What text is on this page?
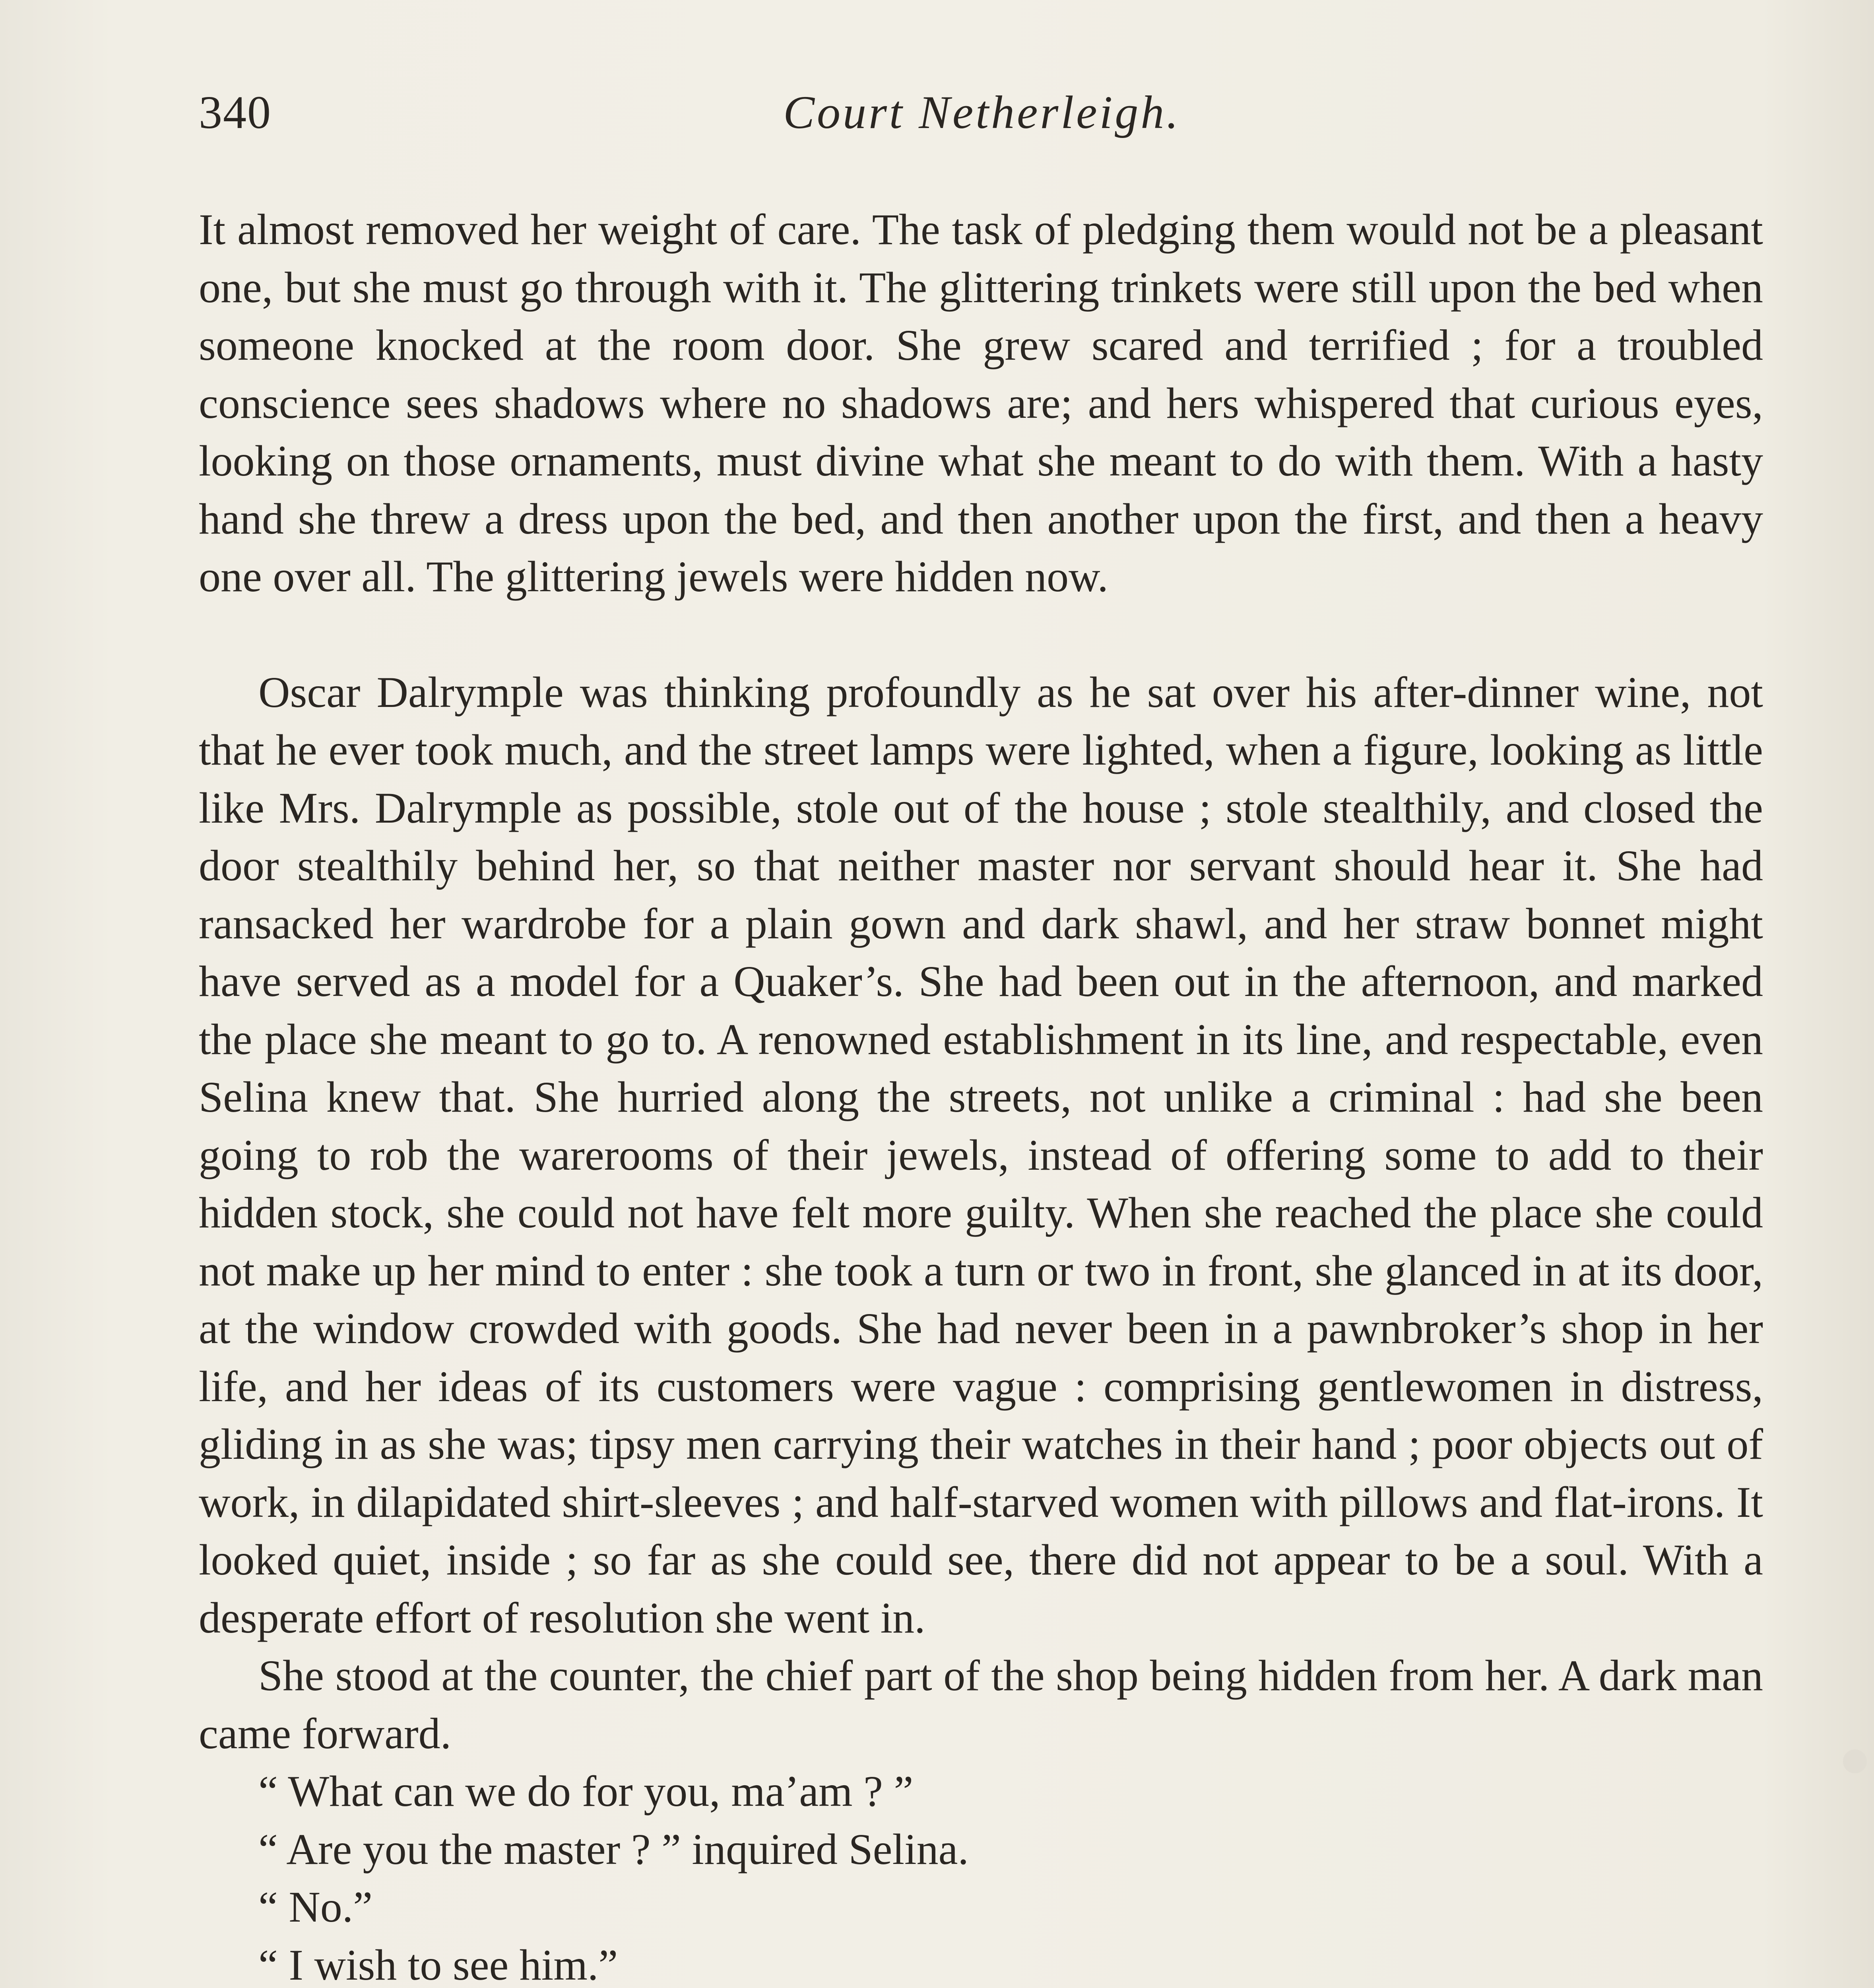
340	Court Netherleigh.

It almost removed her weight of care. The task of pledging them would not be a pleasant one, but she must go through with it. The glittering trinkets were still upon the bed when someone knocked at the room door. She grew scared and terrified ; for a troubled conscience sees shadows where no shadows are; and hers whispered that curious eyes, looking on those ornaments, must divine what she meant to do with them. With a hasty hand she threw a dress upon the bed, and then another upon the first, and then a heavy one over all. The glittering jewels were hidden now.

Oscar Dalrymple was thinking profoundly as he sat over his after-dinner wine, not that he ever took much, and the street lamps were lighted, when a figure, looking as little like Mrs. Dalrymple as possible, stole out of the house ; stole stealthily, and closed the door stealthily behind her, so that neither master nor servant should hear it. She had ransacked her wardrobe for a plain gown and dark shawl, and her straw bonnet might have served as a model for a Quaker’s. She had been out in the afternoon, and marked the place she meant to go to. A renowned establishment in its line, and respectable, even Selina knew that. She hurried along the streets, not unlike a criminal : had she been going to rob the warerooms of their jewels, instead of offering some to add to their hidden stock, she could not have felt more guilty. When she reached the place she could not make up her mind to enter : she took a turn or two in front, she glanced in at its door, at the window crowded with goods. She had never been in a pawnbroker’s shop in her life, and her ideas of its customers were vague : comprising gentlewomen in distress, gliding in as she was; tipsy men carrying their watches in their hand ; poor objects out of work, in dilapidated shirt-sleeves ; and half-starved women with pillows and flat-irons. It looked quiet, inside ; so far as she could see, there did not appear to be a soul. With a desperate effort of resolution she went in.

She stood at the counter, the chief part of the shop being hidden from her. A dark man came forward.

“ What can we do for you, ma’am ? ”

“ Are you the master ? ” inquired Selina.

“ No.”

“ I wish to see him.”
